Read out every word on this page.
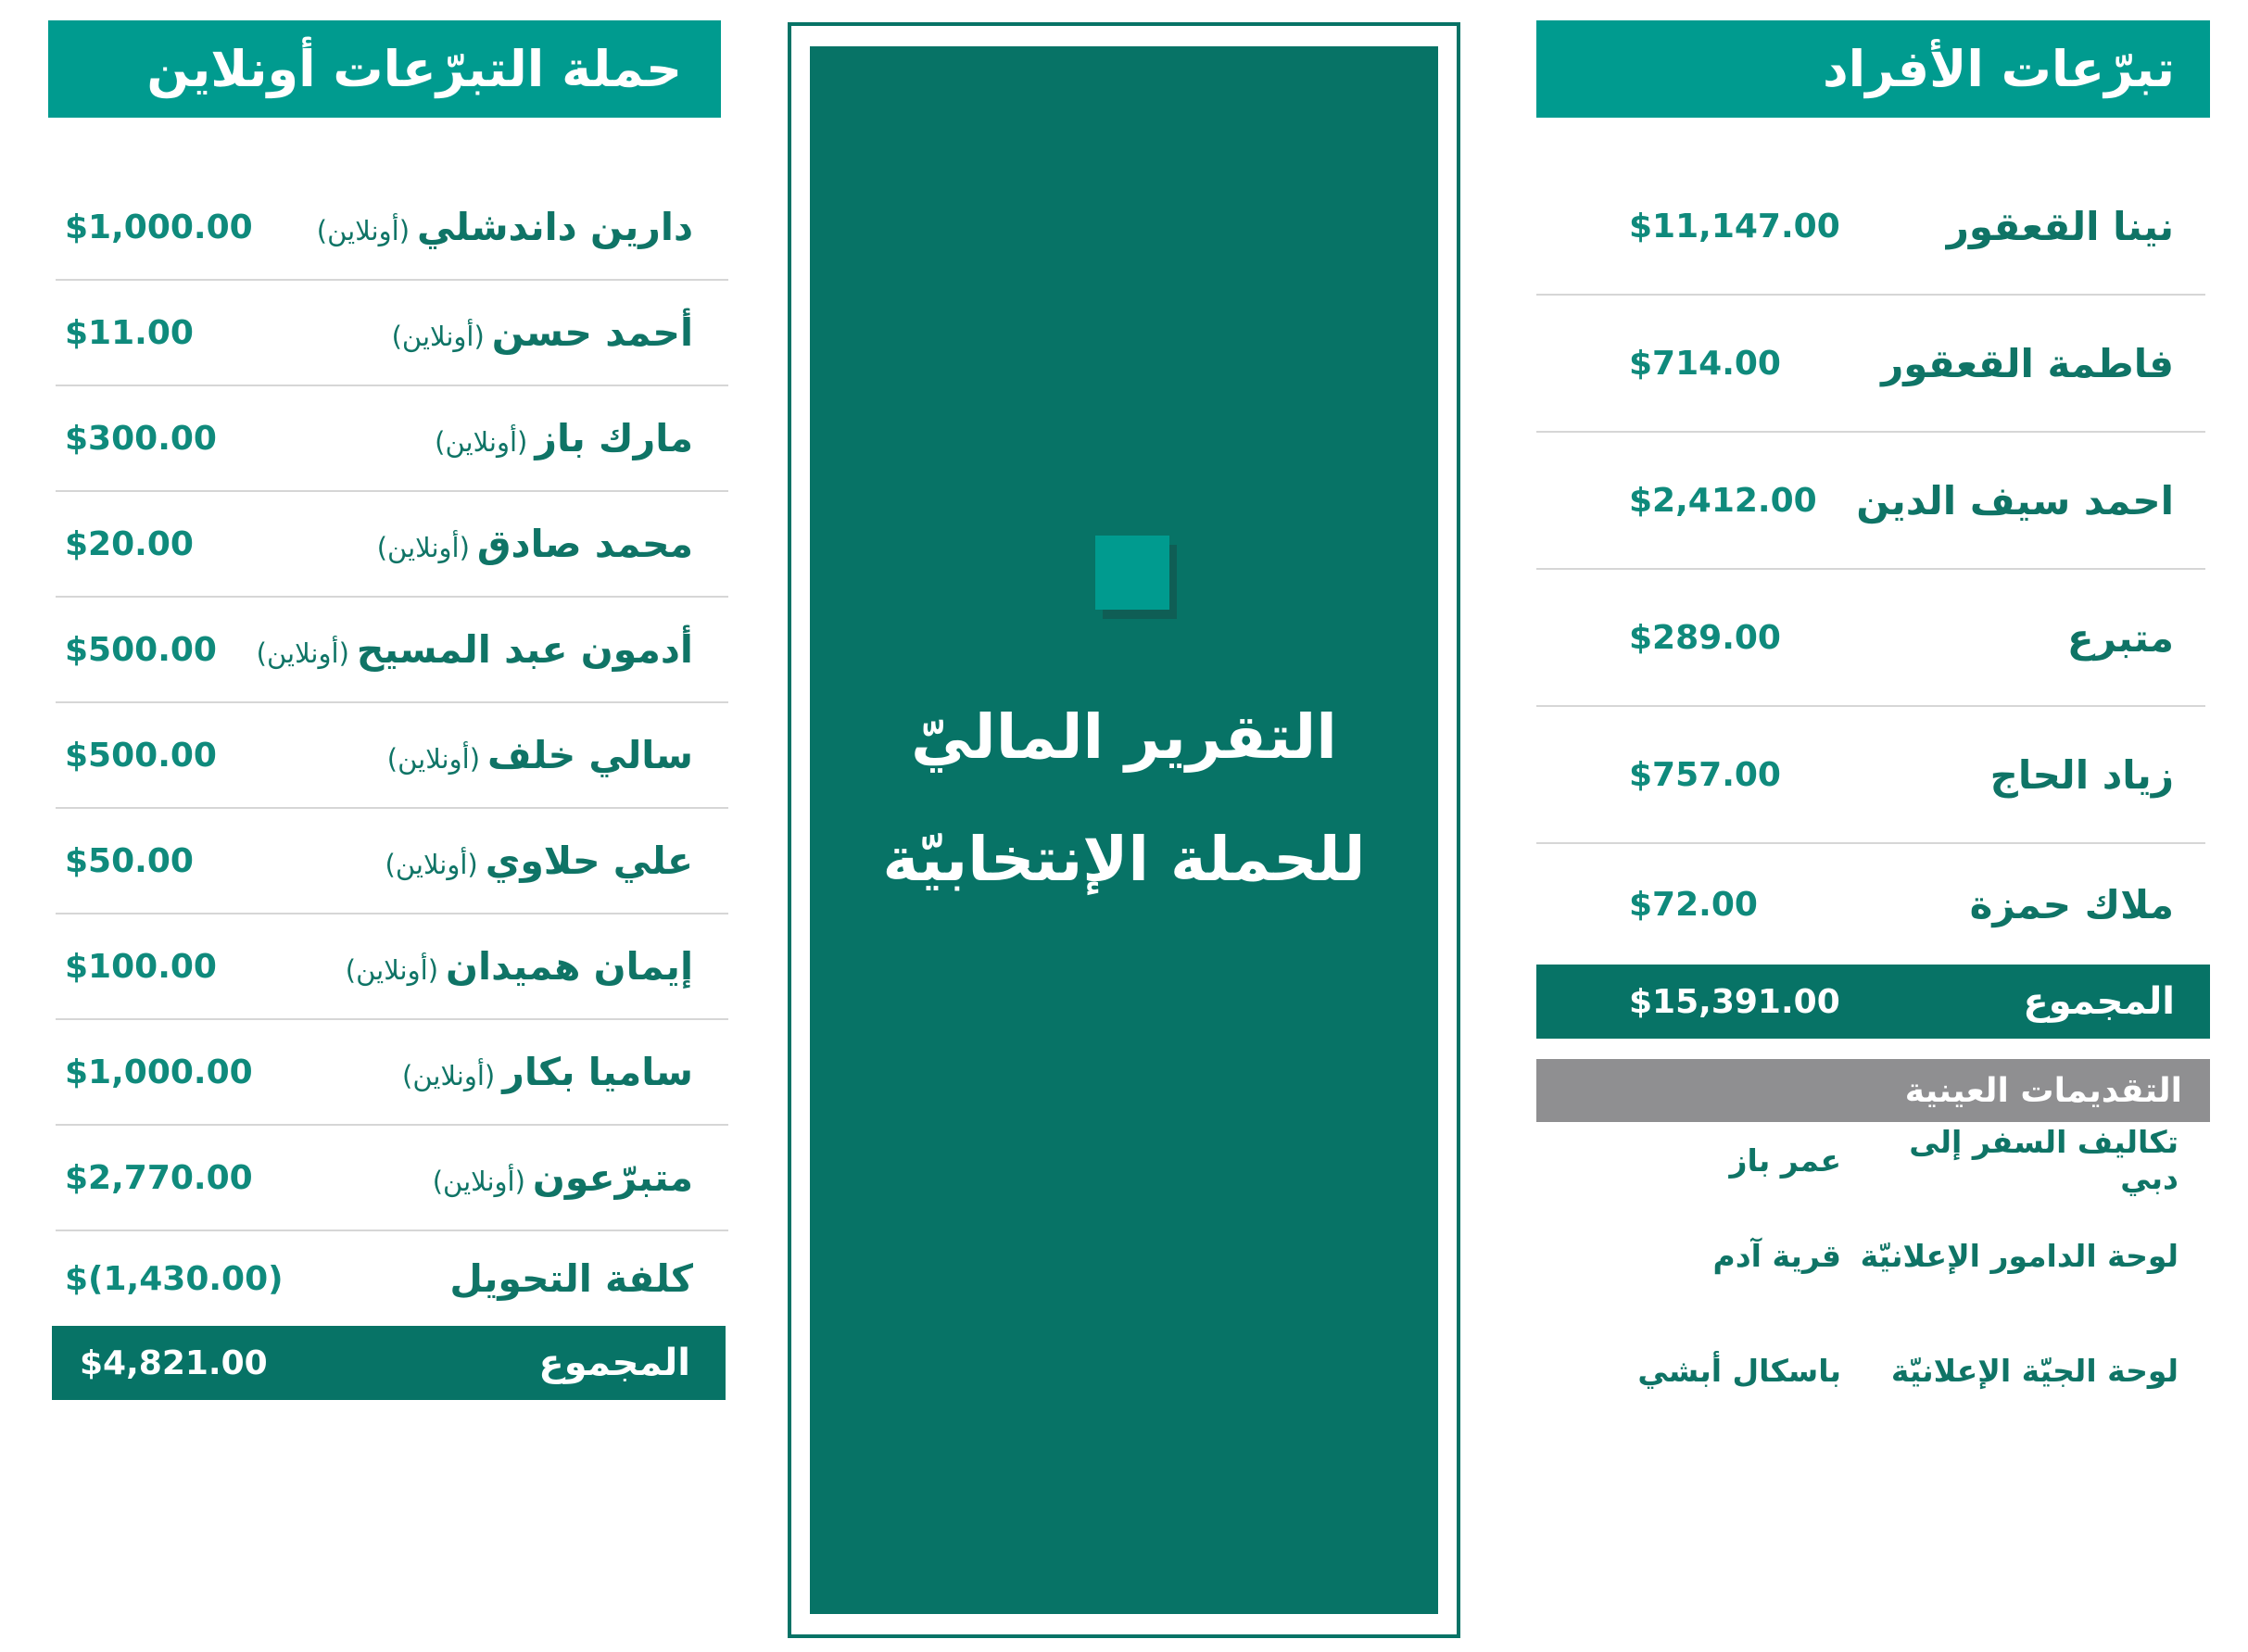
حملة التبرّعات أونلاين
دارين داندشلي(أونلاين)
$1,000.00
أحمد حسن(أونلاين)
$11.00
مارك باز(أونلاين)
$300.00
محمد صادق(أونلاين)
$20.00
أدمون عبد المسيح(أونلاين)
$500.00
سالي خلف(أونلاين)
$500.00
علي حلاوي(أونلاين)
$50.00
إيمان هميدان(أونلاين)
$100.00
ساميا بكار(أونلاين)
$1,000.00
متبرّعون(أونلاين)
$2,770.00
كلفة التحويل
$(1,430.00)
المجموع
$4,821.00
التقرير الماليّ
للحملة الإنتخابيّة
تبرّعات الأفراد
نينا القعقور
$11,147.00
فاطمة القعقور
$714.00
احمد سيف الدين
$2,412.00
متبرع
$289.00
زياد الحاج
$757.00
ملاك حمزة
$72.00
المجموع
$15,391.00
التقديمات العينية
تكاليف السفر إلى دبي
عمر باز
لوحة الدامور الإعلانيّة
قرية آدم
لوحة الجيّة الإعلانيّة
باسكال أبشي
